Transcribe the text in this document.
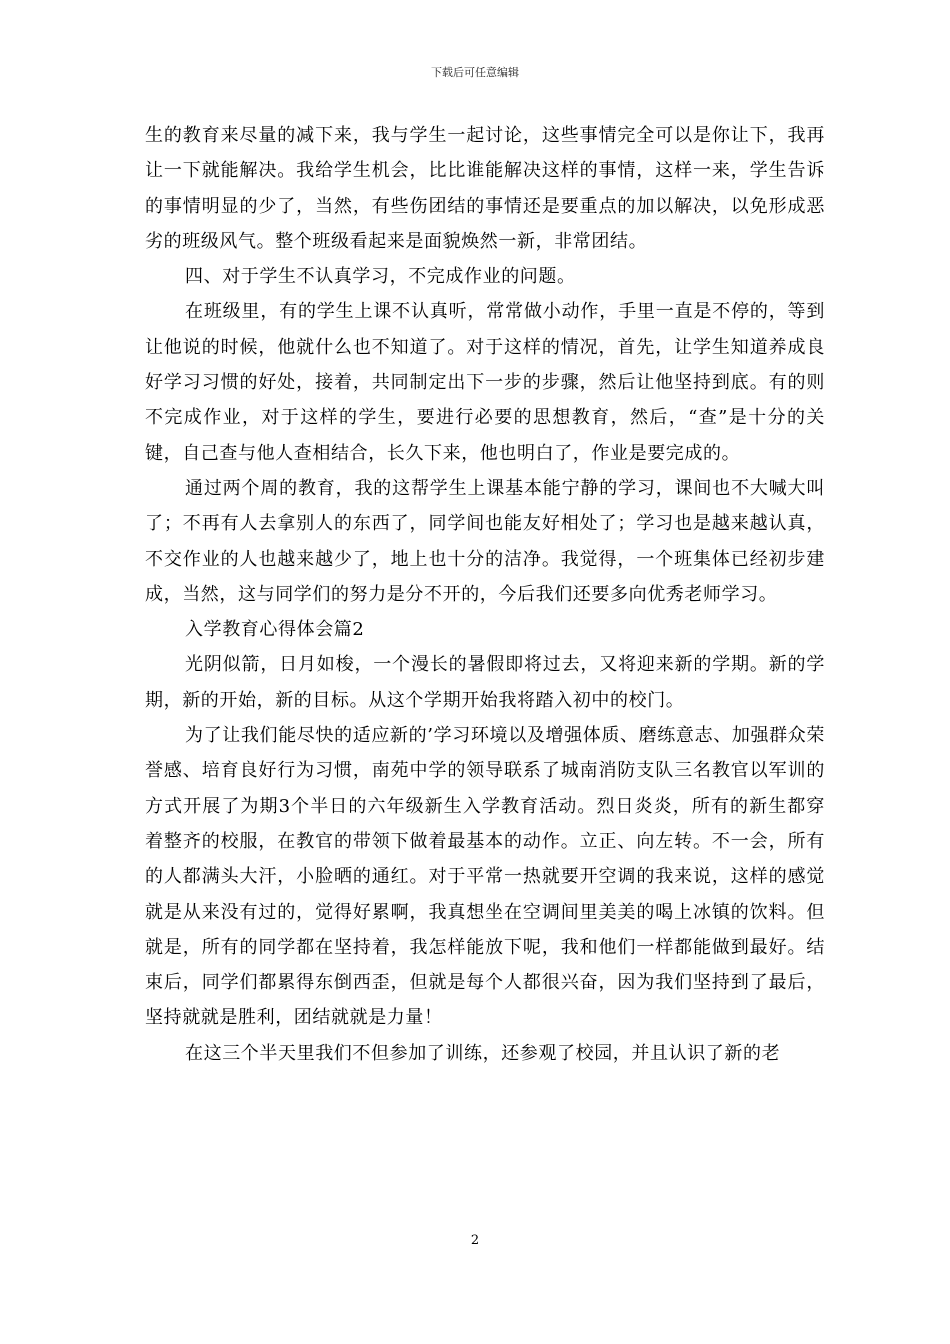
下载后可任意编辑

生的教育来尽量的减下来，我与学生一起讨论，这些事情完全可以是你让下，我再让一下就能解决。我给学生机会，比比谁能解决这样的事情，这样一来，学生告诉的事情明显的少了，当然，有些伤团结的事情还是要重点的加以解决，以免形成恶劣的班级风气。整个班级看起来是面貌焕然一新，非常团结。

四、对于学生不认真学习，不完成作业的问题。

在班级里，有的学生上课不认真听，常常做小动作，手里一直是不停的，等到让他说的时候，他就什么也不知道了。对于这样的情况，首先，让学生知道养成良好学习习惯的好处，接着，共同制定出下一步的步骤，然后让他坚持到底。有的则不完成作业，对于这样的学生，要进行必要的思想教育，然后，“查”是十分的关键，自己查与他人查相结合，长久下来，他也明白了，作业是要完成的。

通过两个周的教育，我的这帮学生上课基本能宁静的学习，课间也不大喊大叫了；不再有人去拿别人的东西了，同学间也能友好相处了；学习也是越来越认真，不交作业的人也越来越少了，地上也十分的洁净。我觉得，一个班集体已经初步建成，当然，这与同学们的努力是分不开的，今后我们还要多向优秀老师学习。

入学教育心得体会篇2

光阴似箭，日月如梭，一个漫长的暑假即将过去，又将迎来新的学期。新的学期，新的开始，新的目标。从这个学期开始我将踏入初中的校门。

为了让我们能尽快的适应新的’学习环境以及增强体质、磨练意志、加强群众荣誉感、培育良好行为习惯，南苑中学的领导联系了城南消防支队三名教官以军训的方式开展了为期3个半日的六年级新生入学教育活动。烈日炎炎，所有的新生都穿着整齐的校服，在教官的带领下做着最基本的动作。立正、向左转。不一会，所有的人都满头大汗，小脸晒的通红。对于平常一热就要开空调的我来说，这样的感觉就是从来没有过的，觉得好累啊，我真想坐在空调间里美美的喝上冰镇的饮料。但就是，所有的同学都在坚持着，我怎样能放下呢，我和他们一样都能做到最好。结束后，同学们都累得东倒西歪，但就是每个人都很兴奋，因为我们坚持到了最后，坚持就就是胜利，团结就就是力量！

在这三个半天里我们不但参加了训练，还参观了校园，并且认识了新的老

2
